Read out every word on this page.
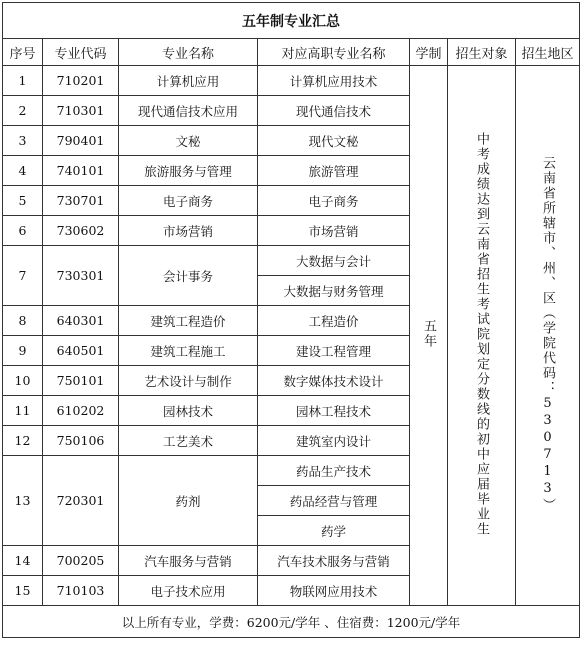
五年制专业汇总						
序号	专业代码	专业名称	对应高职专业名称	学制	招生对象	招生地区
1	710201	计算机应用	计算机应用技术	五年	中考成绩达到云南省招生考试院划定分数线的初中应届毕业生	云南省所辖市、州、区（学院代码：530713）
2	710301	现代通信技术应用	现代通信技术			
3	790401	文秘	现代文秘			
4	740101	旅游服务与管理	旅游管理			
5	730701	电子商务	电子商务			
6	730602	市场营销	市场营销			
7	730301	会计事务	大数据与会计			
			大数据与财务管理			
8	640301	建筑工程造价	工程造价			
9	640501	建筑工程施工	建设工程管理			
10	750101	艺术设计与制作	数字媒体技术设计			
11	610202	园林技术	园林工程技术			
12	750106	工艺美术	建筑室内设计			
13	720301	药剂	药品生产技术			
			药品经营与管理			
			药学			
14	700205	汽车服务与营销	汽车技术服务与营销			
15	710103	电子技术应用	物联网应用技术			
以上所有专业，学费：6200元/学年 、住宿费：1200元/学年						
